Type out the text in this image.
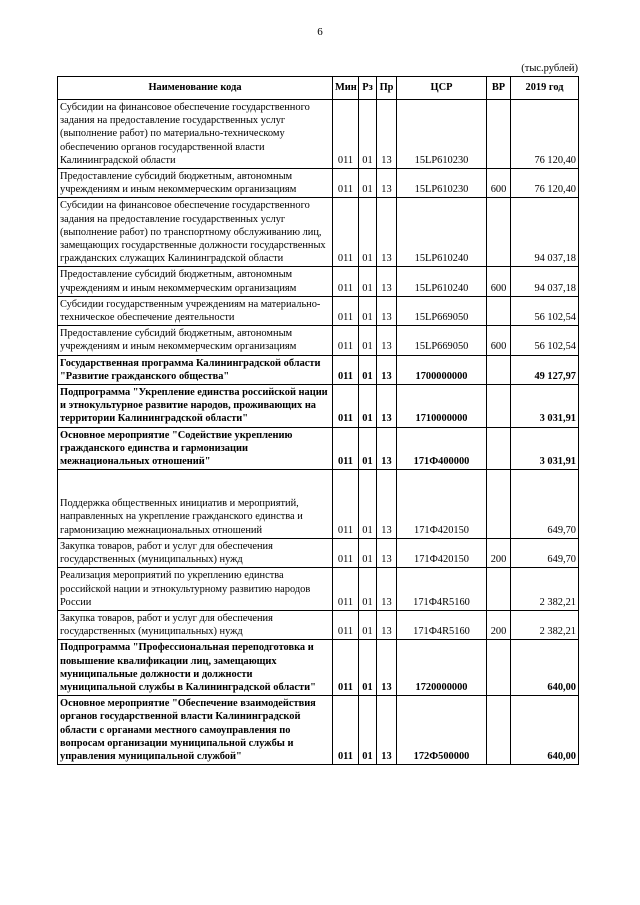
6
(тыс.рублей)
Наименование кода	Мин	Рз	Пр	ЦСР	ВР	2019 год

Субсидии на финансовое обеспечение государственного задания на предоставление государственных услуг (выполнение работ) по материально-техническому обеспечению органов государственной власти Калининградской области	011	01	13	15LP610230		76 120,40

Предоставление субсидий бюджетным, автономным учреждениям и иным некоммерческим организациям	011	01	13	15LP610230	600	76 120,40

Субсидии на финансовое обеспечение государственного задания на предоставление государственных услуг (выполнение работ) по транспортному обслуживанию лиц, замещающих государственные должности государственных гражданских служащих Калининградской области	011	01	13	15LP610240		94 037,18

Предоставление субсидий бюджетным, автономным учреждениям и иным некоммерческим организациям	011	01	13	15LP610240	600	94 037,18

Субсидии государственным учреждениям на материально-техническое обеспечение деятельности	011	01	13	15LP669050		56 102,54

Предоставление субсидий бюджетным, автономным учреждениям и иным некоммерческим организациям	011	01	13	15LP669050	600	56 102,54

Государственная программа Калининградской области "Развитие гражданского общества"	011	01	13	1700000000		49 127,97

Подпрограмма "Укрепление единства российской нации и этнокультурное развитие народов, проживающих на территории Калининградской области"	011	01	13	1710000000		3 031,91

Основное мероприятие "Содействие укреплению гражданского единства и гармонизации межнациональных отношений"	011	01	13	171Ф400000		3 031,91

Поддержка общественных инициатив и мероприятий, направленных на укрепление гражданского единства и гармонизацию межнациональных отношений	011	01	13	171Ф420150		649,70

Закупка товаров, работ и услуг для обеспечения государственных (муниципальных) нужд	011	01	13	171Ф420150	200	649,70

Реализация мероприятий по укреплению единства российской нации и этнокультурному развитию народов России	011	01	13	171Ф4R5160		2 382,21

Закупка товаров, работ и услуг для обеспечения государственных (муниципальных) нужд	011	01	13	171Ф4R5160	200	2 382,21

Подпрограмма "Профессиональная переподготовка и повышение квалификации лиц, замещающих муниципальные должности и должности муниципальной службы в Калининградской области"	011	01	13	1720000000		640,00

Основное мероприятие "Обеспечение взаимодействия органов государственной власти Калининградской области с органами местного самоуправления по вопросам организации муниципальной службы и управления муниципальной службой"	011	01	13	172Ф500000		640,00
